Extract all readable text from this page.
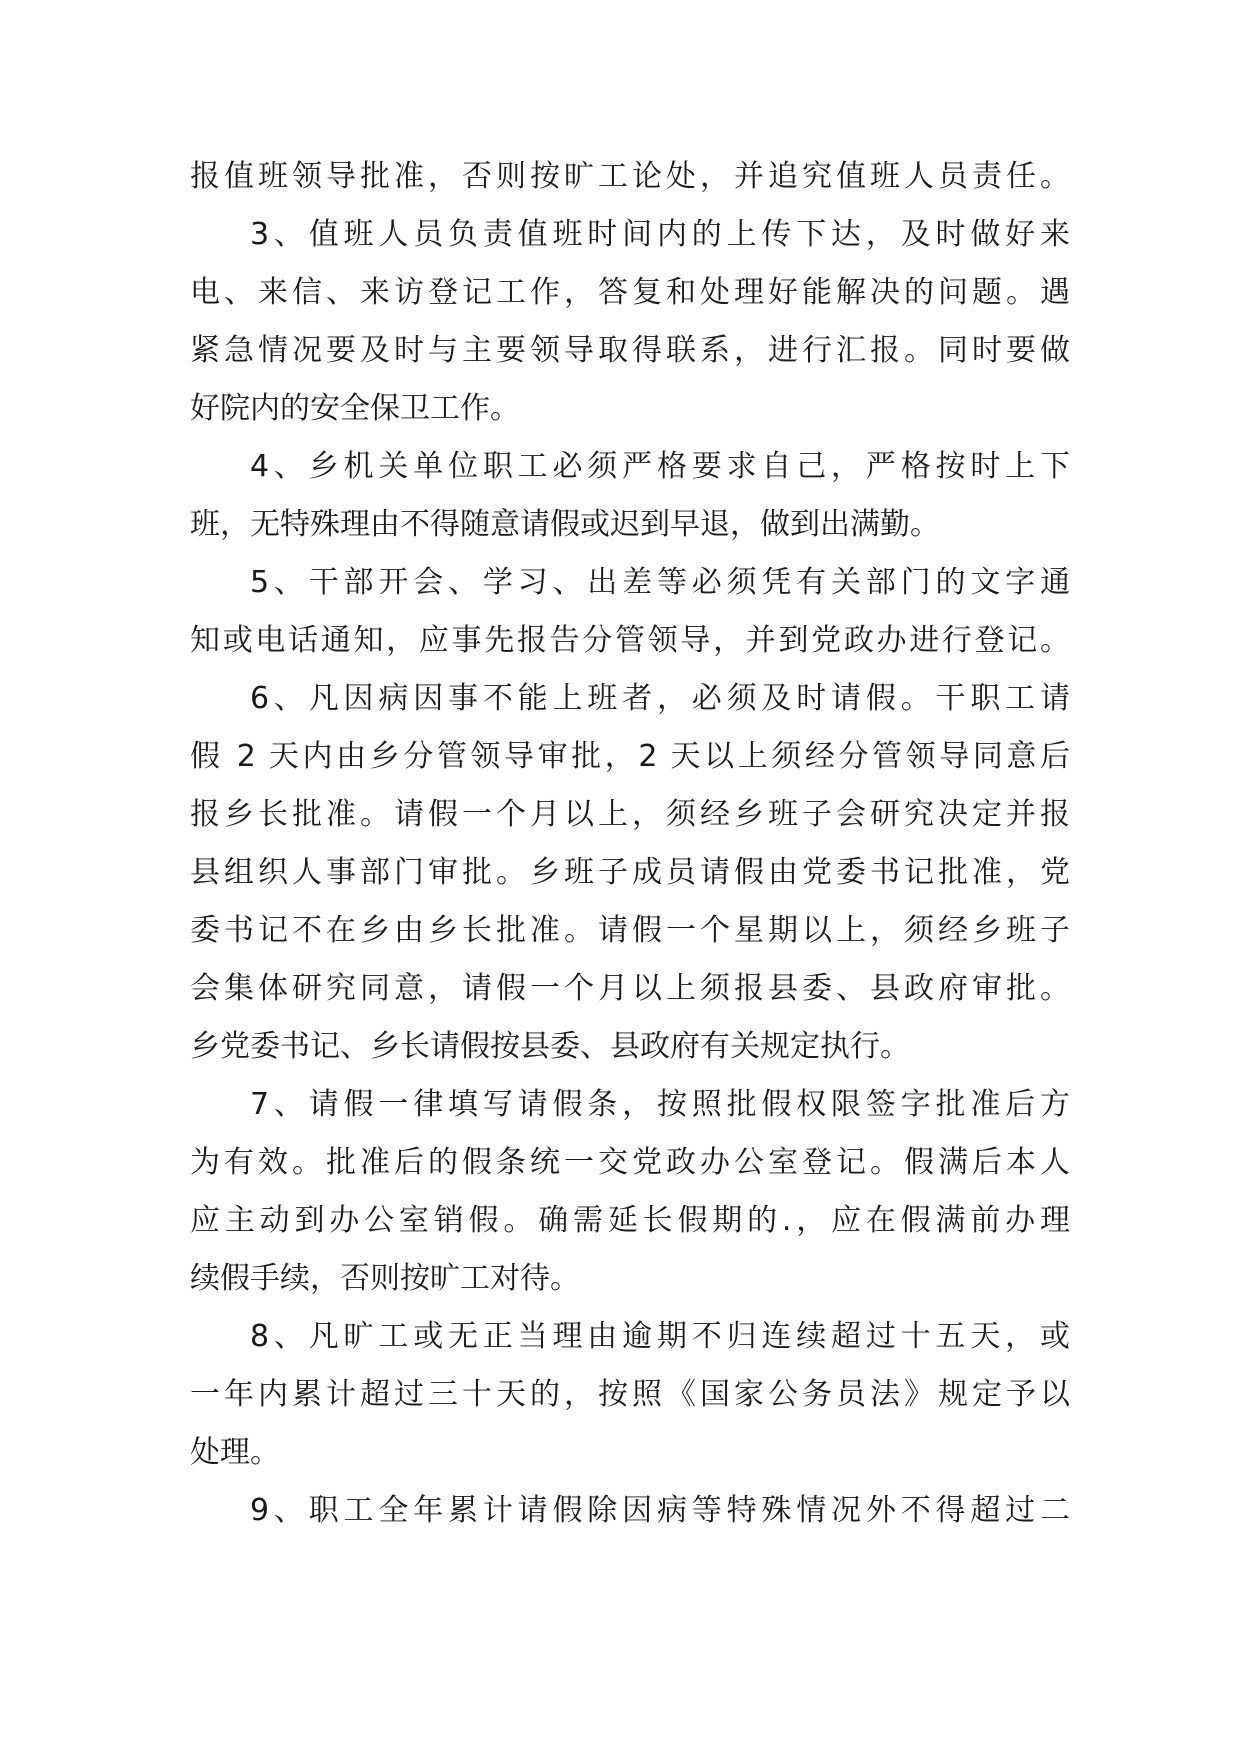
报值班领导批准，否则按旷工论处，并追究值班人员责任。
3、值班人员负责值班时间内的上传下达，及时做好来
电、来信、来访登记工作，答复和处理好能解决的问题。遇
紧急情况要及时与主要领导取得联系，进行汇报。同时要做
好院内的安全保卫工作。
4、乡机关单位职工必须严格要求自己，严格按时上下
班，无特殊理由不得随意请假或迟到早退，做到出满勤。
5、干部开会、学习、出差等必须凭有关部门的文字通
知或电话通知，应事先报告分管领导，并到党政办进行登记。
6、凡因病因事不能上班者，必须及时请假。干职工请
假 2 天内由乡分管领导审批，2 天以上须经分管领导同意后
报乡长批准。请假一个月以上，须经乡班子会研究决定并报
县组织人事部门审批。乡班子成员请假由党委书记批准，党
委书记不在乡由乡长批准。请假一个星期以上，须经乡班子
会集体研究同意，请假一个月以上须报县委、县政府审批。
乡党委书记、乡长请假按县委、县政府有关规定执行。
7、请假一律填写请假条，按照批假权限签字批准后方
为有效。批准后的假条统一交党政办公室登记。假满后本人
应主动到办公室销假。确需延长假期的.，应在假满前办理
续假手续，否则按旷工对待。
8、凡旷工或无正当理由逾期不归连续超过十五天，或
一年内累计超过三十天的，按照《国家公务员法》规定予以
处理。
9、职工全年累计请假除因病等特殊情况外不得超过二
